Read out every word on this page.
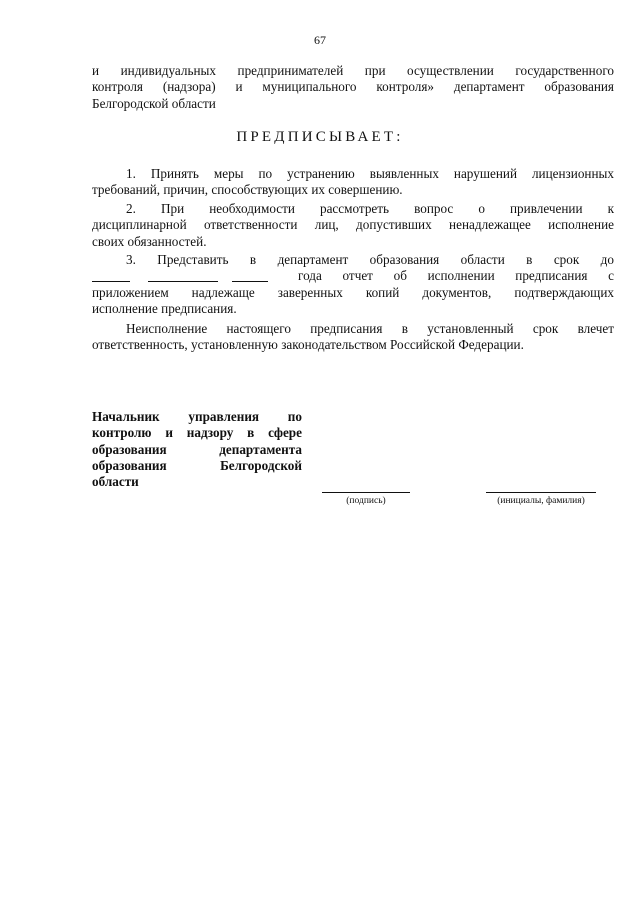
67
и индивидуальных предпринимателей при осуществлении государственного
контроля (надзора) и муниципального контроля» департамент образования
Белгородской области
ПРЕДПИСЫВАЕТ:
1. Принять меры по устранению выявленных нарушений лицензионных
требований, причин, способствующих их совершению.
2. При необходимости рассмотреть вопрос о привлечении к
дисциплинарной ответственности лиц, допустивших ненадлежащее исполнение
своих обязанностей.
3. Представить в департамент образования области в срок до
года отчет об исполнении предписания с
приложением надлежаще заверенных копий документов, подтверждающих
исполнение предписания.
Неисполнение настоящего предписания в установленный срок влечет
ответственность, установленную законодательством Российской Федерации.
Начальник управления по
контролю и надзору в сфере
образования департамента
образования Белгородской
области
(подпись)	(инициалы, фамилия)
